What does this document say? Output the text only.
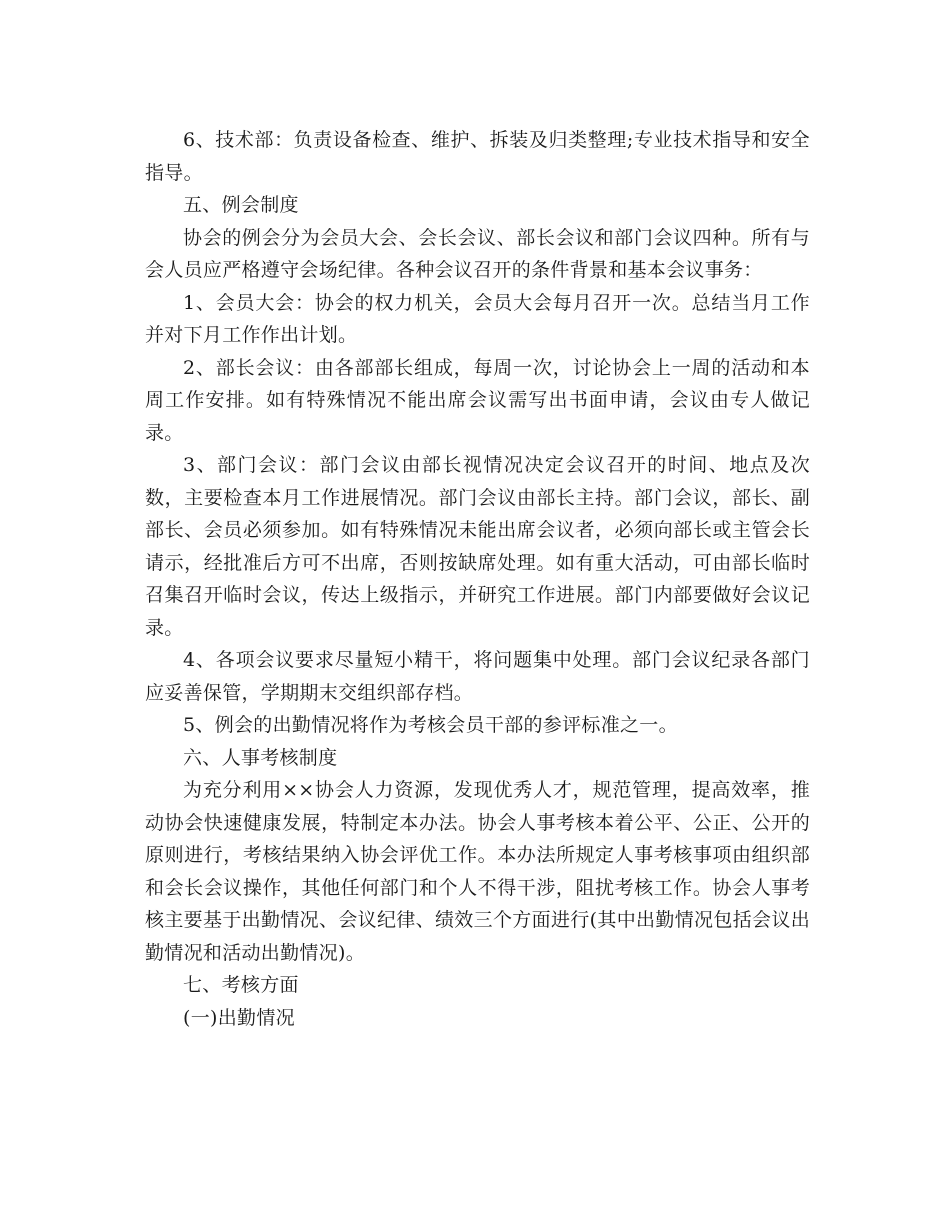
6、技术部：负责设备检查、维护、拆装及归类整理;专业技术指导和安全指导。

五、例会制度

协会的例会分为会员大会、会长会议、部长会议和部门会议四种。所有与会人员应严格遵守会场纪律。各种会议召开的条件背景和基本会议事务：

1、会员大会：协会的权力机关，会员大会每月召开一次。总结当月工作并对下月工作作出计划。

2、部长会议：由各部部长组成，每周一次，讨论协会上一周的活动和本周工作安排。如有特殊情况不能出席会议需写出书面申请，会议由专人做记录。

3、部门会议：部门会议由部长视情况决定会议召开的时间、地点及次数，主要检查本月工作进展情况。部门会议由部长主持。部门会议，部长、副部长、会员必须参加。如有特殊情况未能出席会议者，必须向部长或主管会长请示，经批准后方可不出席，否则按缺席处理。如有重大活动，可由部长临时召集召开临时会议，传达上级指示，并研究工作进展。部门内部要做好会议记录。

4、各项会议要求尽量短小精干，将问题集中处理。部门会议纪录各部门应妥善保管，学期期末交组织部存档。

5、例会的出勤情况将作为考核会员干部的参评标准之一。

六、人事考核制度

为充分利用××协会人力资源，发现优秀人才，规范管理，提高效率，推动协会快速健康发展，特制定本办法。协会人事考核本着公平、公正、公开的原则进行，考核结果纳入协会评优工作。本办法所规定人事考核事项由组织部和会长会议操作，其他任何部门和个人不得干涉，阻扰考核工作。协会人事考核主要基于出勤情况、会议纪律、绩效三个方面进行(其中出勤情况包括会议出勤情况和活动出勤情况)。

七、考核方面

(一)出勤情况
